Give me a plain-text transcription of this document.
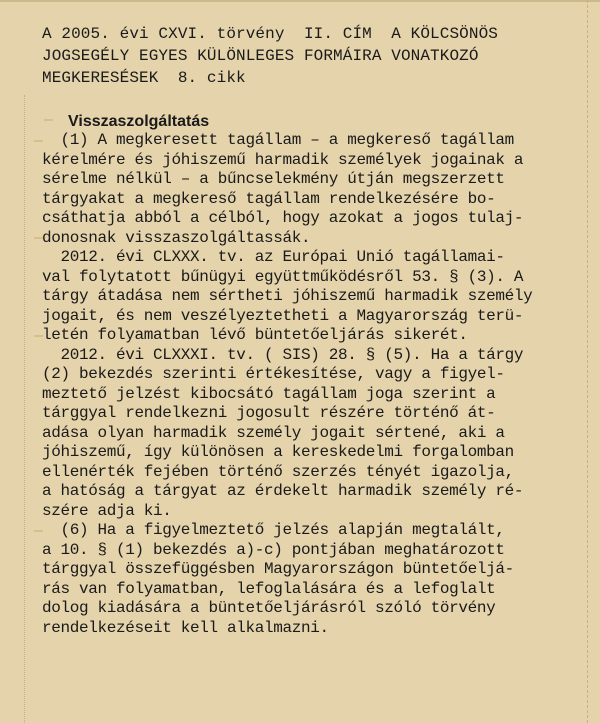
A 2005. évi CXVI. törvény  II. CÍM  A KÖLCSÖNÖS
JOGSEGÉLY EGYES KÜLÖNLEGES FORMÁIRA VONATKOZÓ
MEGKERESÉSEK  8. cikk
Visszaszolgáltatás
(1) A megkeresett tagállam – a megkereső tagállam
kérelmére és jóhiszemű harmadik személyek jogainak a
sérelme nélkül – a bűncselekmény útján megszerzett
tárgyakat a megkereső tagállam rendelkezésére bo-
csáthatja abból a célból, hogy azokat a jogos tulaj-
donosnak visszaszolgáltassák.
2012. évi CLXXX. tv. az Európai Unió tagállamai-
val folytatott bűnügyi együttműködésről 53. § (3). A
tárgy átadása nem sértheti jóhiszemű harmadik személy
jogait, és nem veszélyeztetheti a Magyarország terü-
letén folyamatban lévő büntetőeljárás sikerét.
2012. évi CLXXXI. tv. ( SIS) 28. § (5). Ha a tárgy
(2) bekezdés szerinti értékesítése, vagy a figyel-
meztető jelzést kibocsátó tagállam joga szerint a
tárggyal rendelkezni jogosult részére történő át-
adása olyan harmadik személy jogait sértené, aki a
jóhiszemű, így különösen a kereskedelmi forgalomban
ellenérték fejében történő szerzés tényét igazolja,
a hatóság a tárgyat az érdekelt harmadik személy ré-
szére adja ki.
(6) Ha a figyelmeztető jelzés alapján megtalált,
a 10. § (1) bekezdés a)-c) pontjában meghatározott
tárggyal összefüggésben Magyarországon büntetőeljá-
rás van folyamatban, lefoglalására és a lefoglalt
dolog kiadására a büntetőeljárásról szóló törvény
rendelkezéseit kell alkalmazni.
